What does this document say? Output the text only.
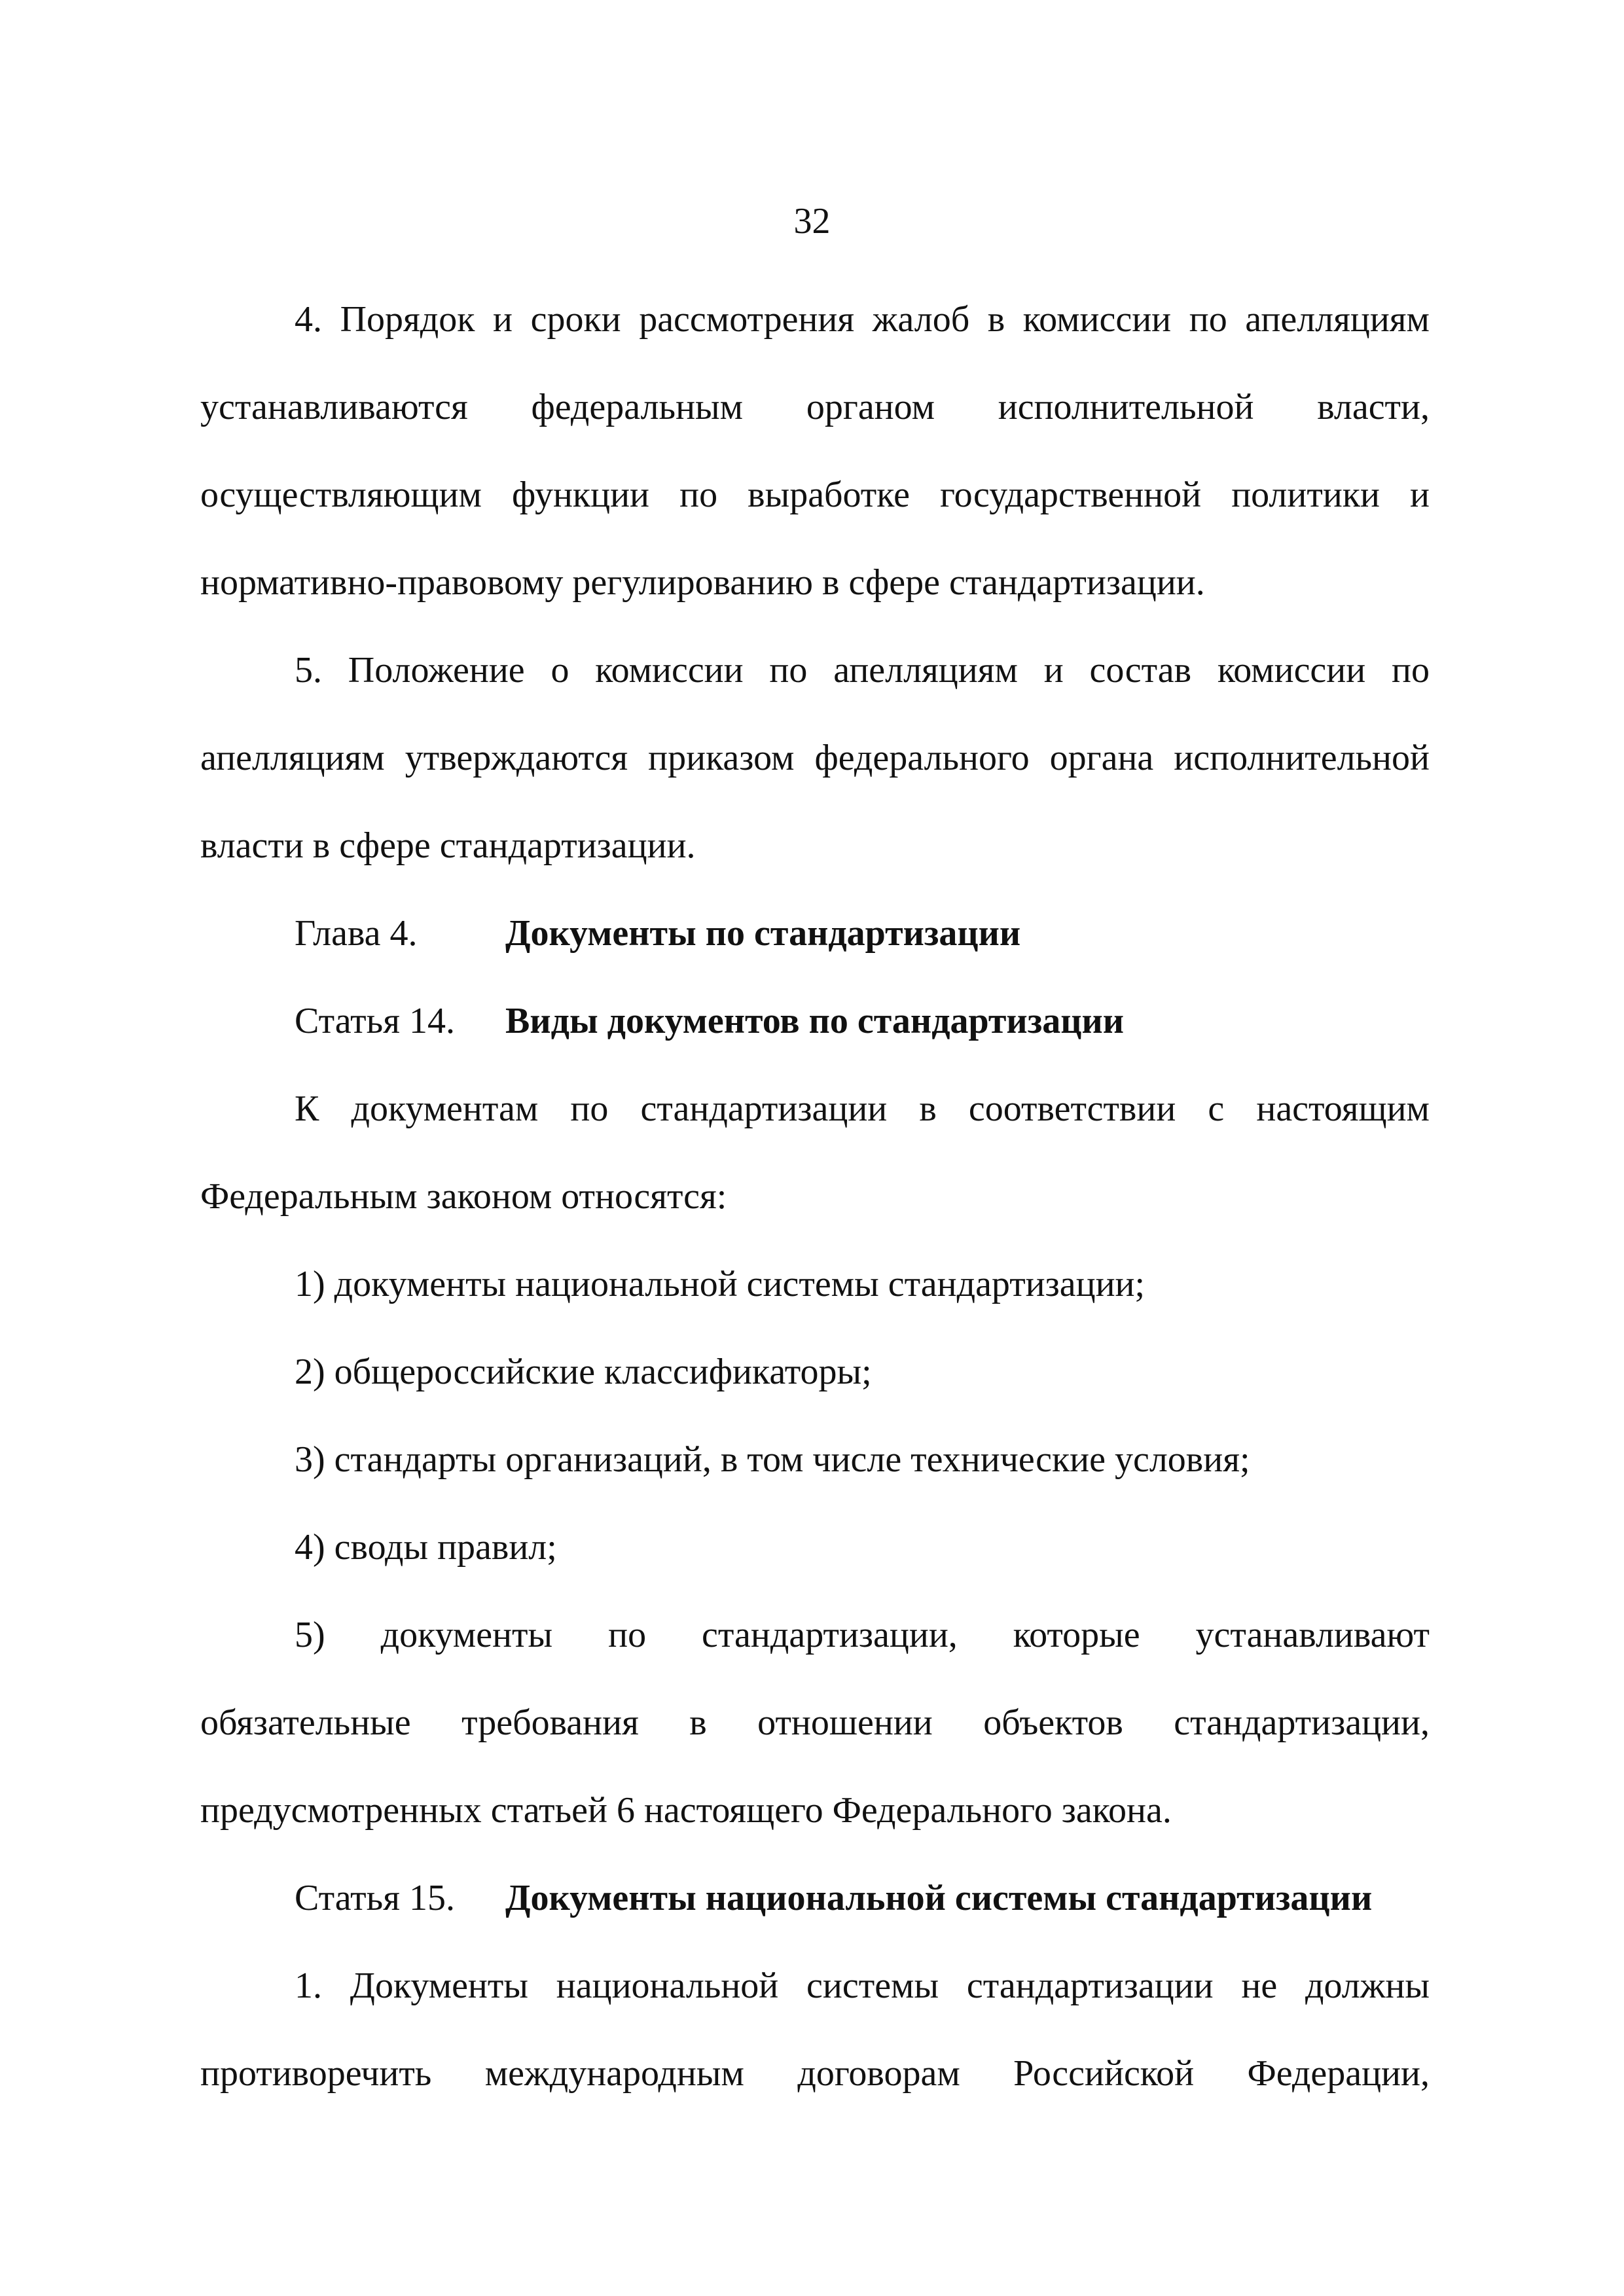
32
4. Порядок и сроки рассмотрения жалоб в комиссии по апелляциям
устанавливаются федеральным органом исполнительной власти,
осуществляющим функции по выработке государственной политики и
нормативно-правовому регулированию в сфере стандартизации.
5. Положение о комиссии по апелляциям и состав комиссии по
апелляциям утверждаются приказом федерального органа исполнительной
власти в сфере стандартизации.
Глава 4. Документы по стандартизации
Статья 14. Виды документов по стандартизации
К документам по стандартизации в соответствии с настоящим
Федеральным законом относятся:
1) документы национальной системы стандартизации;
2) общероссийские классификаторы;
3) стандарты организаций, в том числе технические условия;
4) своды правил;
5) документы по стандартизации, которые устанавливают
обязательные требования в отношении объектов стандартизации,
предусмотренных статьей 6 настоящего Федерального закона.
Статья 15. Документы национальной системы стандартизации
1. Документы национальной системы стандартизации не должны
противоречить международным договорам Российской Федерации,
